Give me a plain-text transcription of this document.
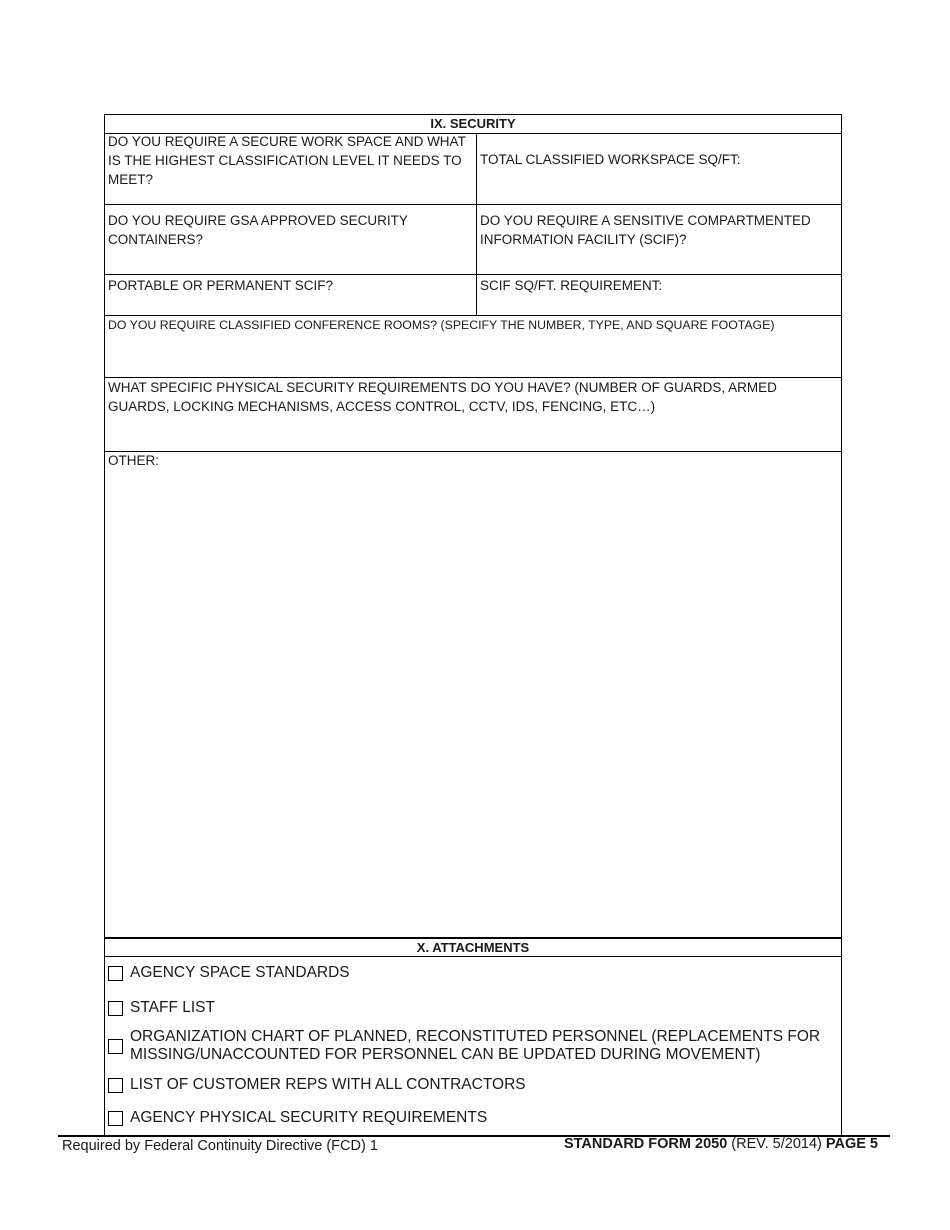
IX. SECURITY
DO YOU REQUIRE A SECURE WORK SPACE AND WHAT IS THE HIGHEST CLASSIFICATION LEVEL IT NEEDS TO MEET?
TOTAL CLASSIFIED WORKSPACE SQ/FT:
DO YOU REQUIRE GSA APPROVED SECURITY CONTAINERS?
DO YOU REQUIRE A SENSITIVE COMPARTMENTED INFORMATION FACILITY (SCIF)?
PORTABLE OR PERMANENT SCIF?	SCIF SQ/FT. REQUIREMENT:
DO YOU REQUIRE CLASSIFIED CONFERENCE ROOMS? (SPECIFY THE NUMBER, TYPE, AND SQUARE FOOTAGE)
WHAT SPECIFIC PHYSICAL SECURITY REQUIREMENTS DO YOU HAVE? (NUMBER OF GUARDS, ARMED GUARDS, LOCKING MECHANISMS, ACCESS CONTROL, CCTV, IDS, FENCING, ETC…)
OTHER:
X. ATTACHMENTS
AGENCY SPACE STANDARDS
STAFF LIST
ORGANIZATION CHART OF PLANNED, RECONSTITUTED PERSONNEL (REPLACEMENTS FOR MISSING/UNACCOUNTED FOR PERSONNEL CAN BE UPDATED DURING MOVEMENT)
LIST OF CUSTOMER REPS WITH ALL CONTRACTORS
AGENCY PHYSICAL SECURITY REQUIREMENTS
Required by Federal Continuity Directive (FCD) 1	STANDARD FORM 2050 (REV. 5/2014) PAGE 5
